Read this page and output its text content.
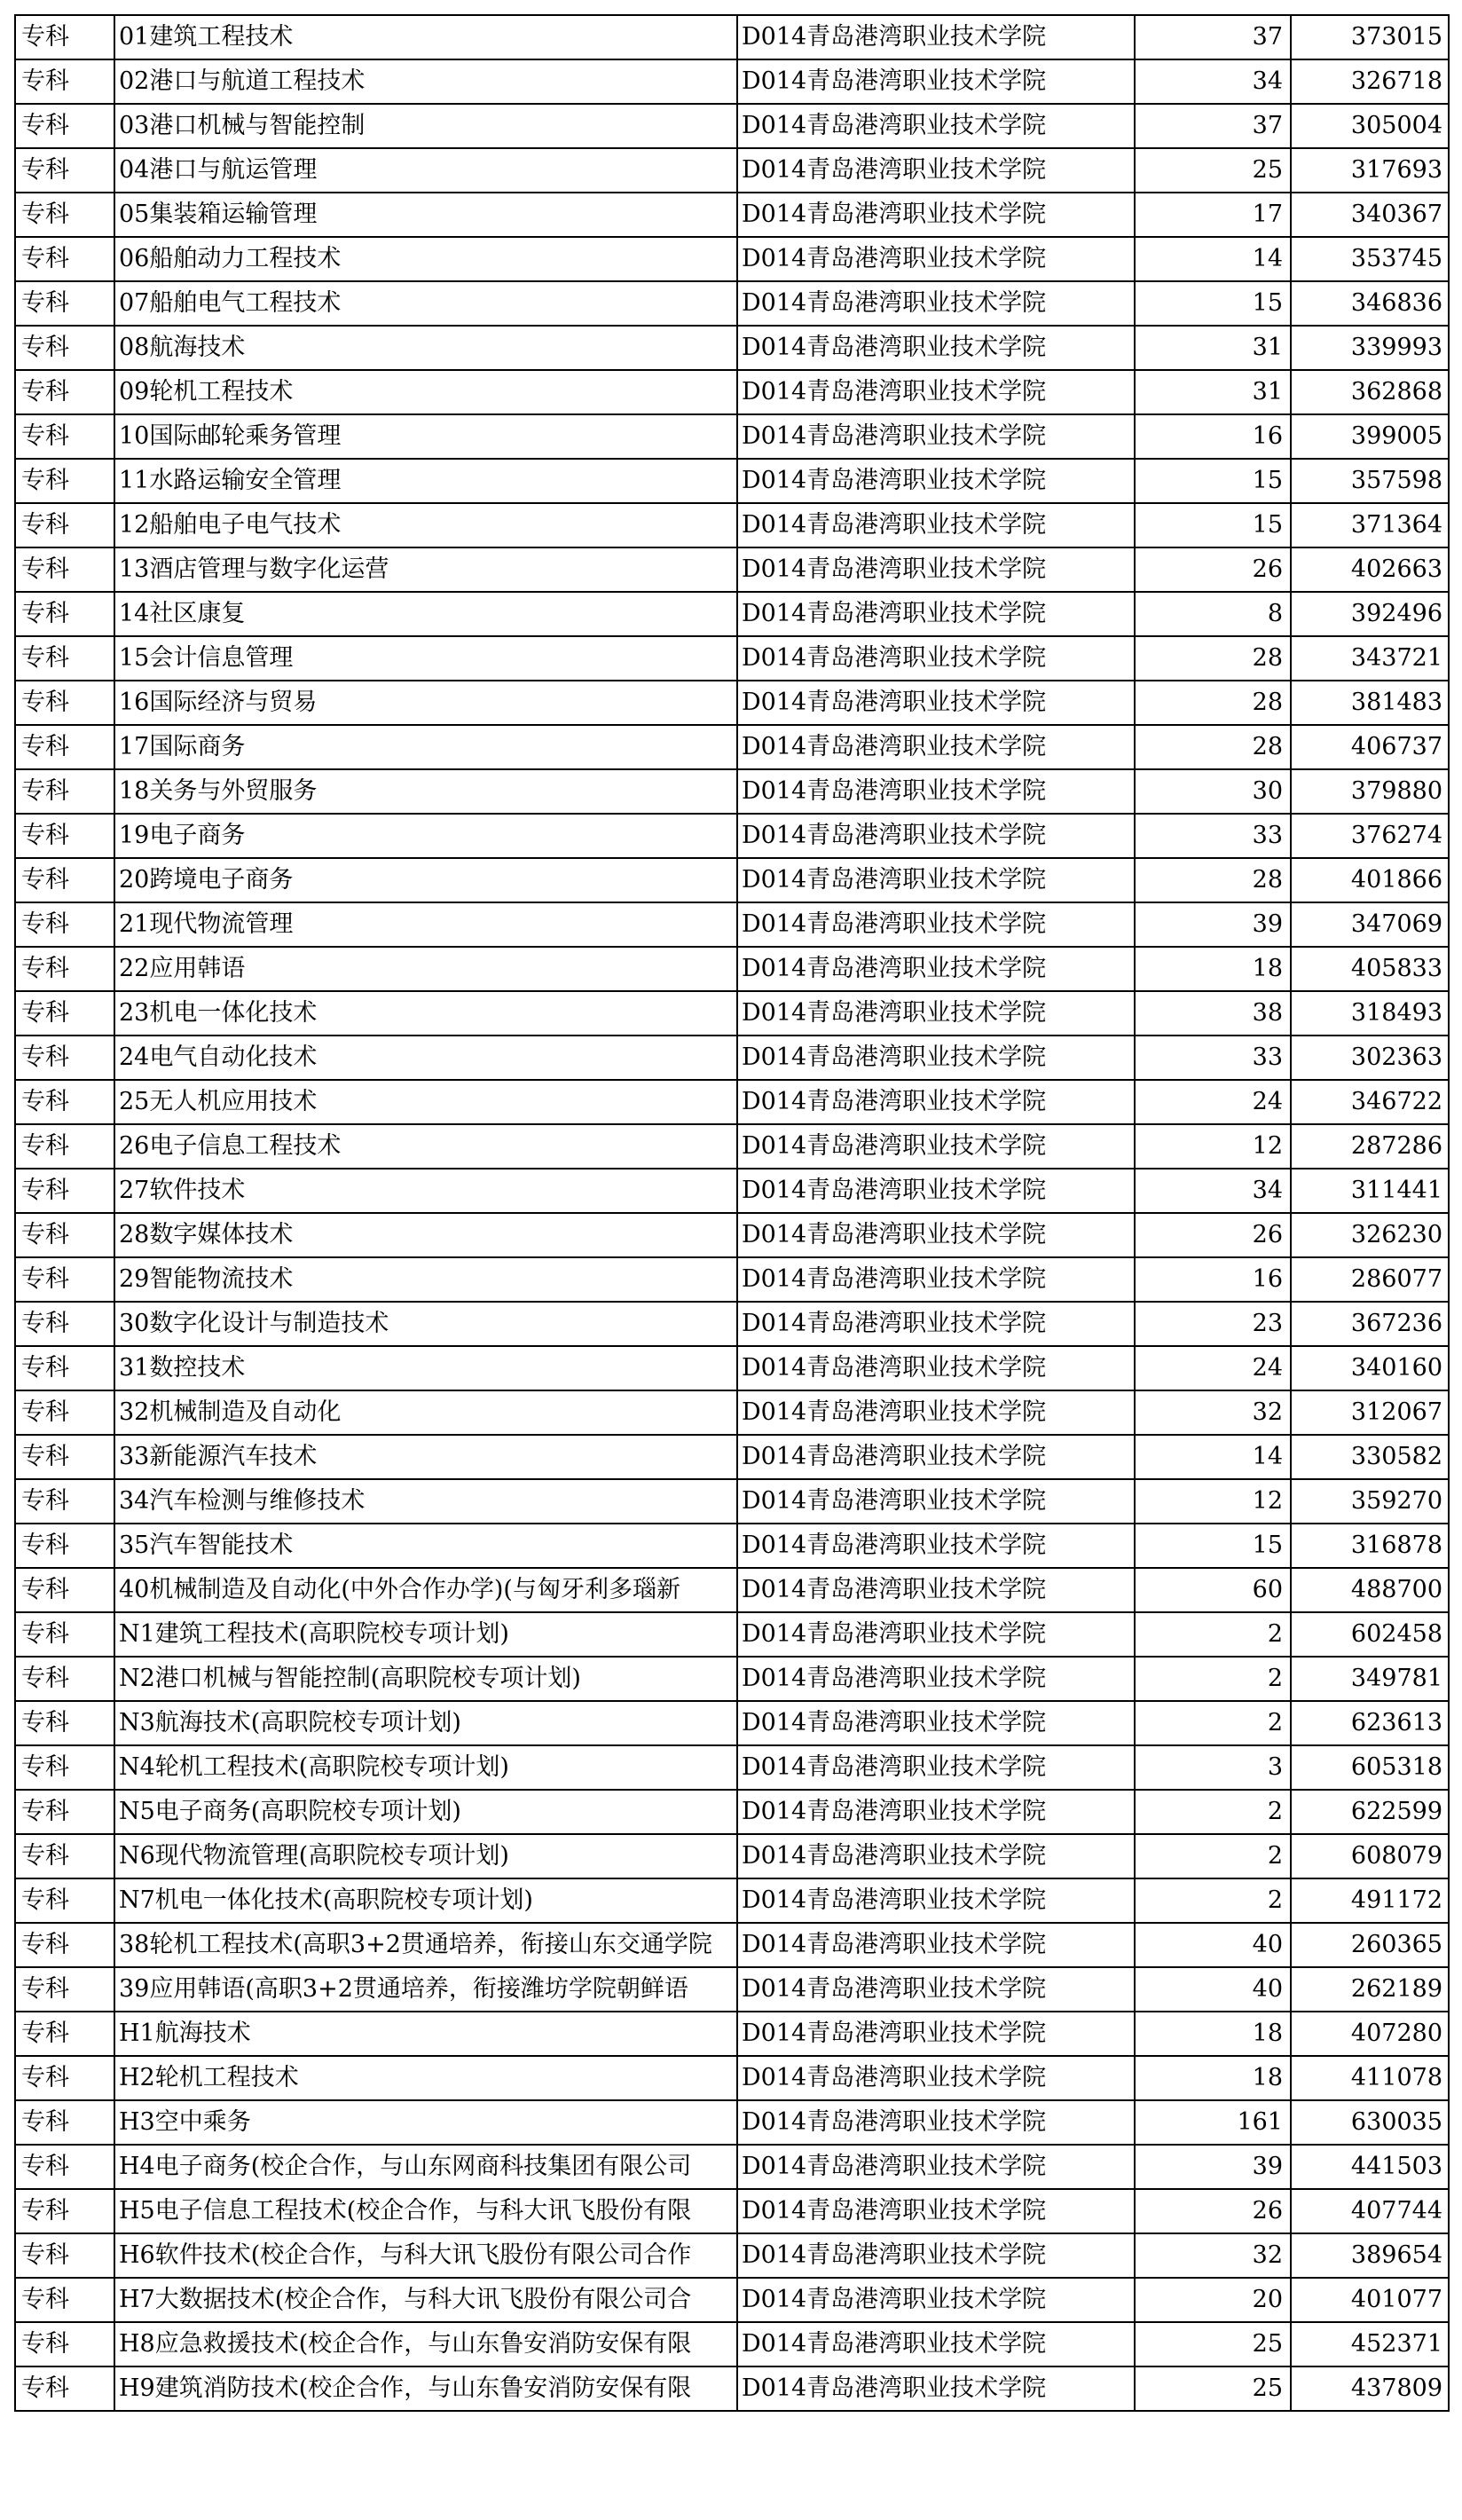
专科	01建筑工程技术	D014青岛港湾职业技术学院	37	373015
专科	02港口与航道工程技术	D014青岛港湾职业技术学院	34	326718
专科	03港口机械与智能控制	D014青岛港湾职业技术学院	37	305004
专科	04港口与航运管理	D014青岛港湾职业技术学院	25	317693
专科	05集装箱运输管理	D014青岛港湾职业技术学院	17	340367
专科	06船舶动力工程技术	D014青岛港湾职业技术学院	14	353745
专科	07船舶电气工程技术	D014青岛港湾职业技术学院	15	346836
专科	08航海技术	D014青岛港湾职业技术学院	31	339993
专科	09轮机工程技术	D014青岛港湾职业技术学院	31	362868
专科	10国际邮轮乘务管理	D014青岛港湾职业技术学院	16	399005
专科	11水路运输安全管理	D014青岛港湾职业技术学院	15	357598
专科	12船舶电子电气技术	D014青岛港湾职业技术学院	15	371364
专科	13酒店管理与数字化运营	D014青岛港湾职业技术学院	26	402663
专科	14社区康复	D014青岛港湾职业技术学院	8	392496
专科	15会计信息管理	D014青岛港湾职业技术学院	28	343721
专科	16国际经济与贸易	D014青岛港湾职业技术学院	28	381483
专科	17国际商务	D014青岛港湾职业技术学院	28	406737
专科	18关务与外贸服务	D014青岛港湾职业技术学院	30	379880
专科	19电子商务	D014青岛港湾职业技术学院	33	376274
专科	20跨境电子商务	D014青岛港湾职业技术学院	28	401866
专科	21现代物流管理	D014青岛港湾职业技术学院	39	347069
专科	22应用韩语	D014青岛港湾职业技术学院	18	405833
专科	23机电一体化技术	D014青岛港湾职业技术学院	38	318493
专科	24电气自动化技术	D014青岛港湾职业技术学院	33	302363
专科	25无人机应用技术	D014青岛港湾职业技术学院	24	346722
专科	26电子信息工程技术	D014青岛港湾职业技术学院	12	287286
专科	27软件技术	D014青岛港湾职业技术学院	34	311441
专科	28数字媒体技术	D014青岛港湾职业技术学院	26	326230
专科	29智能物流技术	D014青岛港湾职业技术学院	16	286077
专科	30数字化设计与制造技术	D014青岛港湾职业技术学院	23	367236
专科	31数控技术	D014青岛港湾职业技术学院	24	340160
专科	32机械制造及自动化	D014青岛港湾职业技术学院	32	312067
专科	33新能源汽车技术	D014青岛港湾职业技术学院	14	330582
专科	34汽车检测与维修技术	D014青岛港湾职业技术学院	12	359270
专科	35汽车智能技术	D014青岛港湾职业技术学院	15	316878
专科	40机械制造及自动化(中外合作办学)(与匈牙利多瑙新	D014青岛港湾职业技术学院	60	488700
专科	N1建筑工程技术(高职院校专项计划)	D014青岛港湾职业技术学院	2	602458
专科	N2港口机械与智能控制(高职院校专项计划)	D014青岛港湾职业技术学院	2	349781
专科	N3航海技术(高职院校专项计划)	D014青岛港湾职业技术学院	2	623613
专科	N4轮机工程技术(高职院校专项计划)	D014青岛港湾职业技术学院	3	605318
专科	N5电子商务(高职院校专项计划)	D014青岛港湾职业技术学院	2	622599
专科	N6现代物流管理(高职院校专项计划)	D014青岛港湾职业技术学院	2	608079
专科	N7机电一体化技术(高职院校专项计划)	D014青岛港湾职业技术学院	2	491172
专科	38轮机工程技术(高职3+2贯通培养，衔接山东交通学院	D014青岛港湾职业技术学院	40	260365
专科	39应用韩语(高职3+2贯通培养，衔接潍坊学院朝鲜语	D014青岛港湾职业技术学院	40	262189
专科	H1航海技术	D014青岛港湾职业技术学院	18	407280
专科	H2轮机工程技术	D014青岛港湾职业技术学院	18	411078
专科	H3空中乘务	D014青岛港湾职业技术学院	161	630035
专科	H4电子商务(校企合作，与山东网商科技集团有限公司	D014青岛港湾职业技术学院	39	441503
专科	H5电子信息工程技术(校企合作，与科大讯飞股份有限	D014青岛港湾职业技术学院	26	407744
专科	H6软件技术(校企合作，与科大讯飞股份有限公司合作	D014青岛港湾职业技术学院	32	389654
专科	H7大数据技术(校企合作，与科大讯飞股份有限公司合	D014青岛港湾职业技术学院	20	401077
专科	H8应急救援技术(校企合作，与山东鲁安消防安保有限	D014青岛港湾职业技术学院	25	452371
专科	H9建筑消防技术(校企合作，与山东鲁安消防安保有限	D014青岛港湾职业技术学院	25	437809
